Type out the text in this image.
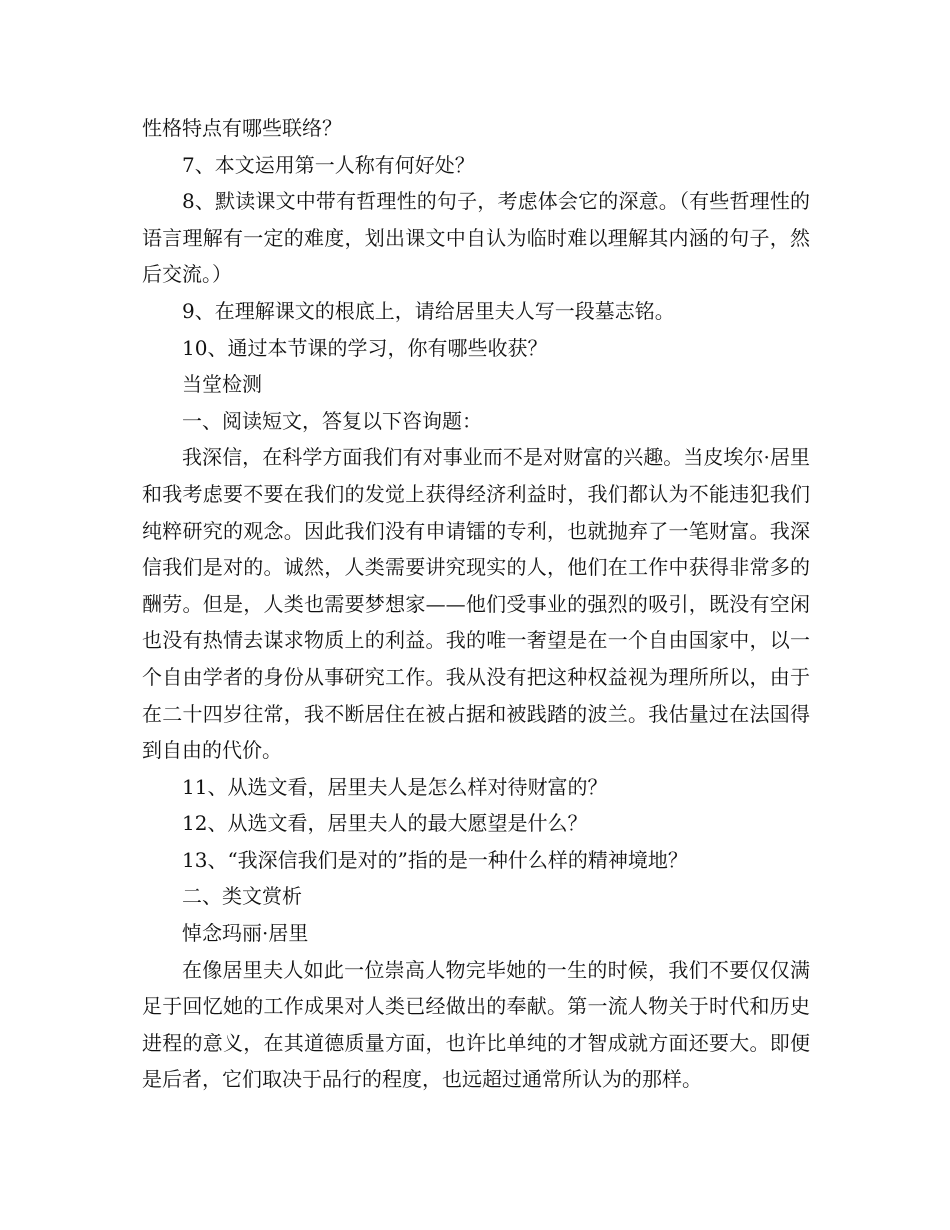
性格特点有哪些联络？

7、本文运用第一人称有何好处？

8、默读课文中带有哲理性的句子，考虑体会它的深意。（有些哲理性的语言理解有一定的难度，划出课文中自认为临时难以理解其内涵的句子，然后交流。）

9、在理解课文的根底上，请给居里夫人写一段墓志铭。

10、通过本节课的学习，你有哪些收获？

当堂检测

一、阅读短文，答复以下咨询题：

我深信，在科学方面我们有对事业而不是对财富的兴趣。当皮埃尔·居里和我考虑要不要在我们的发觉上获得经济利益时，我们都认为不能违犯我们纯粹研究的观念。因此我们没有申请镭的专利，也就抛弃了一笔财富。我深信我们是对的。诚然，人类需要讲究现实的人，他们在工作中获得非常多的酬劳。但是，人类也需要梦想家——他们受事业的强烈的吸引，既没有空闲也没有热情去谋求物质上的利益。我的唯一奢望是在一个自由国家中，以一个自由学者的身份从事研究工作。我从没有把这种权益视为理所所以，由于在二十四岁往常，我不断居住在被占据和被践踏的波兰。我估量过在法国得到自由的代价。

11、从选文看，居里夫人是怎么样对待财富的？

12、从选文看，居里夫人的最大愿望是什么？

13、“我深信我们是对的”指的是一种什么样的精神境地？

二、类文赏析

悼念玛丽·居里

在像居里夫人如此一位崇高人物完毕她的一生的时候，我们不要仅仅满足于回忆她的工作成果对人类已经做出的奉献。第一流人物关于时代和历史进程的意义，在其道德质量方面，也许比单纯的才智成就方面还要大。即便是后者，它们取决于品行的程度，也远超过通常所认为的那样。
